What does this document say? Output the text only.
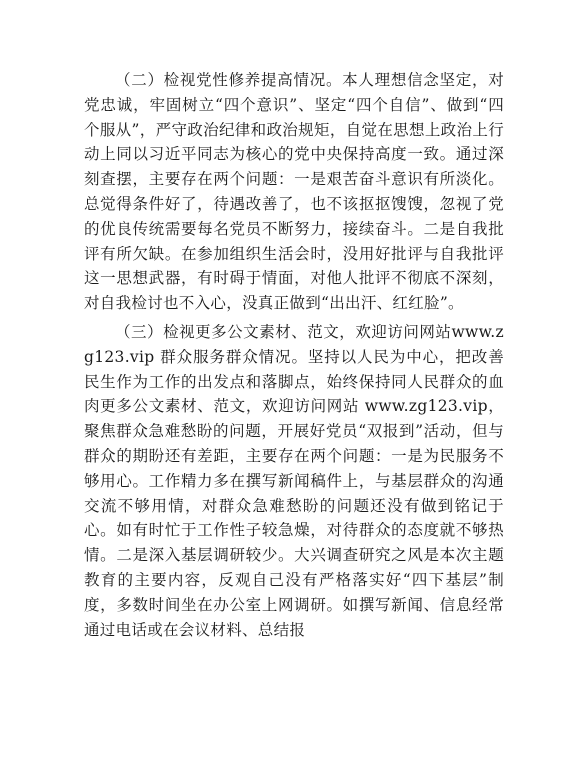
（二）检视党性修养提高情况。本人理想信念坚定，对党忠诚，牢固树立“四个意识”、坚定“四个自信”、做到“四个服从”，严守政治纪律和政治规矩，自觉在思想上政治上行动上同以习近平同志为核心的党中央保持高度一致。通过深刻查摆，主要存在两个问题：一是艰苦奋斗意识有所淡化。总觉得条件好了，待遇改善了，也不该抠抠馊馊，忽视了党的优良传统需要每名党员不断努力，接续奋斗。二是自我批评有所欠缺。在参加组织生活会时，没用好批评与自我批评这一思想武器，有时碍于情面，对他人批评不彻底不深刻，对自我检讨也不入心，没真正做到“出出汗、红红脸”。

（三）检视更多公文素材、范文，欢迎访问网站www.zg123.vip 群众服务群众情况。坚持以人民为中心，把改善民生作为工作的出发点和落脚点，始终保持同人民群众的血肉更多公文素材、范文，欢迎访问网站 www.zg123.vip，聚焦群众急难愁盼的问题，开展好党员“双报到”活动，但与群众的期盼还有差距，主要存在两个问题：一是为民服务不够用心。工作精力多在撰写新闻稿件上，与基层群众的沟通交流不够用情，对群众急难愁盼的问题还没有做到铭记于心。如有时忙于工作性子较急燥，对待群众的态度就不够热情。二是深入基层调研较少。大兴调查研究之风是本次主题教育的主要内容，反观自己没有严格落实好“四下基层”制度，多数时间坐在办公室上网调研。如撰写新闻、信息经常通过电话或在会议材料、总结报
